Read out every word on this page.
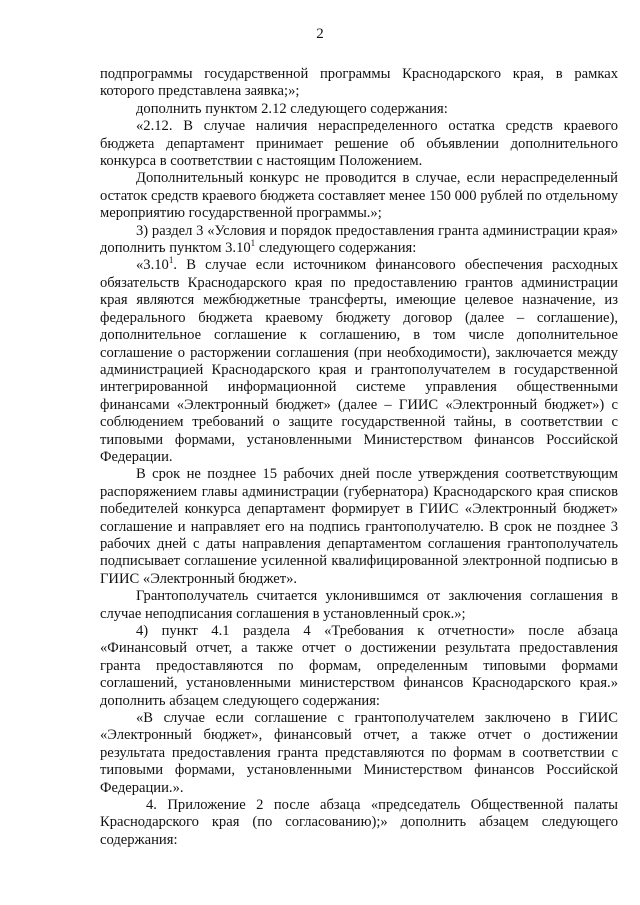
2

подпрограммы государственной программы Краснодарского края, в рамках которого представлена заявка;»;

дополнить пунктом 2.12 следующего содержания:

«2.12. В случае наличия нераспределенного остатка средств краевого бюджета департамент принимает решение об объявлении дополнительного конкурса в соответствии с настоящим Положением.

Дополнительный конкурс не проводится в случае, если нераспределенный остаток средств краевого бюджета составляет менее 150 000 рублей по отдельному мероприятию государственной программы.»;

3) раздел 3 «Условия и порядок предоставления гранта администрации края» дополнить пунктом 3.10$^1$ следующего содержания:

«3.10$^1$. В случае если источником финансового обеспечения расходных обязательств Краснодарского края по предоставлению грантов администрации края являются межбюджетные трансферты, имеющие целевое назначение, из федерального бюджета краевому бюджету договор (далее – соглашение), дополнительное соглашение к соглашению, в том числе дополнительное соглашение о расторжении соглашения (при необходимости), заключается между администрацией Краснодарского края и грантополучателем в государственной интегрированной информационной системе управления общественными финансами «Электронный бюджет» (далее – ГИИС «Электронный бюджет») с соблюдением требований о защите государственной тайны, в соответствии с типовыми формами, установленными Министерством финансов Российской Федерации.

В срок не позднее 15 рабочих дней после утверждения соответствующим распоряжением главы администрации (губернатора) Краснодарского края списков победителей конкурса департамент формирует в ГИИС «Электронный бюджет» соглашение и направляет его на подпись грантополучателю. В срок не позднее 3 рабочих дней с даты направления департаментом соглашения грантополучатель подписывает соглашение усиленной квалифицированной электронной подписью в ГИИС «Электронный бюджет».

Грантополучатель считается уклонившимся от заключения соглашения в случае неподписания соглашения в установленный срок.»;

4) пункт 4.1 раздела 4 «Требования к отчетности» после абзаца «Финансовый отчет, а также отчет о достижении результата предоставления гранта предоставляются по формам, определенным типовыми формами соглашений, установленными министерством финансов Краснодарского края.» дополнить абзацем следующего содержания:

«В случае если соглашение с грантополучателем заключено в ГИИС «Электронный бюджет», финансовый отчет, а также отчет о достижении результата предоставления гранта представляются по формам в соответствии с типовыми формами, установленными Министерством финансов Российской Федерации.».

4. Приложение 2 после абзаца «председатель Общественной палаты Краснодарского края (по согласованию);» дополнить абзацем следующего содержания:
